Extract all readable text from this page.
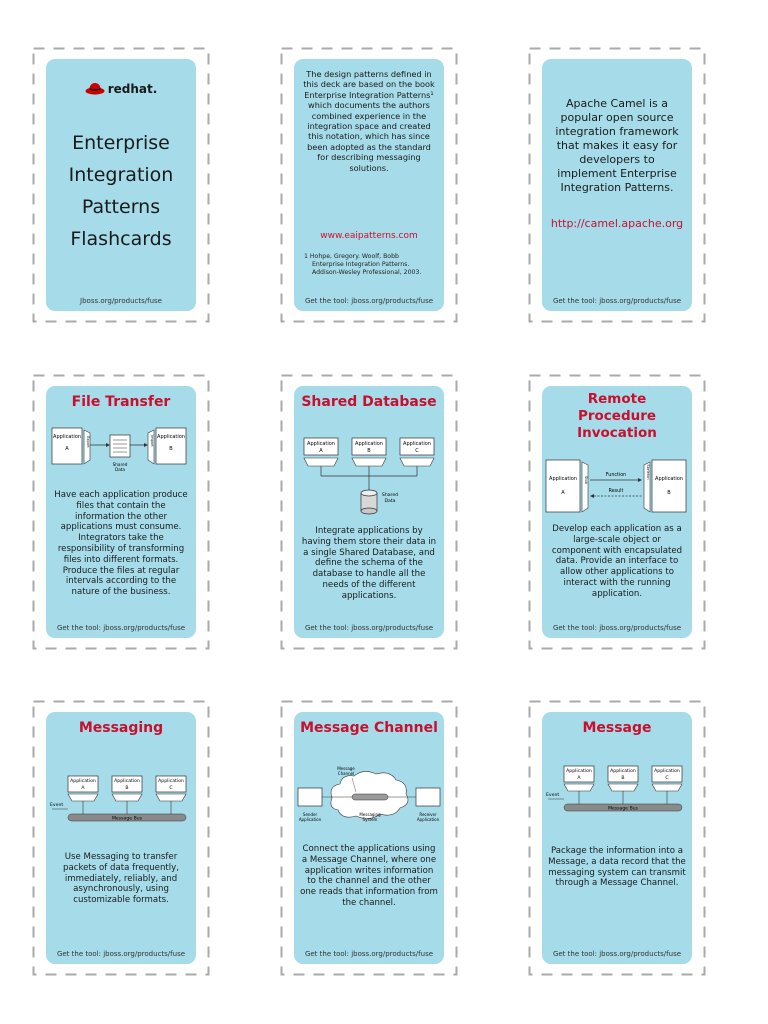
redhat.
Enterprise
Integration
Patterns
Flashcards
Jboss.org/products/fuse
The design patterns defined in this deck are based on the book Enterprise Integration Patterns¹ which documents the authors combined experience in the integration space and created this notation, which has since been adopted as the standard for describing messaging solutions.
www.eaipatterns.com
1 Hohpe, Gregory. Woolf, Bobb
Enterprise Integration Patterns.
Addison-Wesley Professional, 2003.
Get the tool: jboss.org/products/fuse
Apache Camel is a popular open source integration framework that makes it easy for developers to implement Enterprise Integration Patterns.
http://camel.apache.org
Get the tool: jboss.org/products/fuse
File Transfer
Application
A
Export
Shared
Data
Import Application
B
Have each application produce files that contain the information the other applications must consume. Integrators take the responsibility of transforming files into different formats. Produce the files at regular intervals according to the nature of the business.
Get the tool: jboss.org/products/fuse
Shared Database
Application
A
Application
B
Application
C
Shared
Data
Integrate applications by having them store their data in a single Shared Database, and define the schema of the database to handle all the needs of the different applications.
Get the tool: jboss.org/products/fuse
Remote
Procedure
Invocation
Application
A
Stub
Function
Result
Skeleton Application
B
Develop each application as a large-scale object or component with encapsulated data. Provide an interface to allow other applications to interact with the running application.
Get the tool: jboss.org/products/fuse
Messaging
Application
A
Application
B
Application
C
Event
Message Bus
Use Messaging to transfer packets of data frequently, immediately, reliably, and asynchronously, using customizable formats.
Get the tool: jboss.org/products/fuse
Message Channel
Message
Channel
Sender
Application
Messaging
System
Receiver
Application
Connect the applications using a Message Channel, where one application writes information to the channel and the other one reads that information from the channel.
Get the tool: jboss.org/products/fuse
Message
Application
A
Application
B
Application
C
Event
Message Bus
Package the information into a Message, a data record that the messaging system can transmit through a Message Channel.
Get the tool: jboss.org/products/fuse
